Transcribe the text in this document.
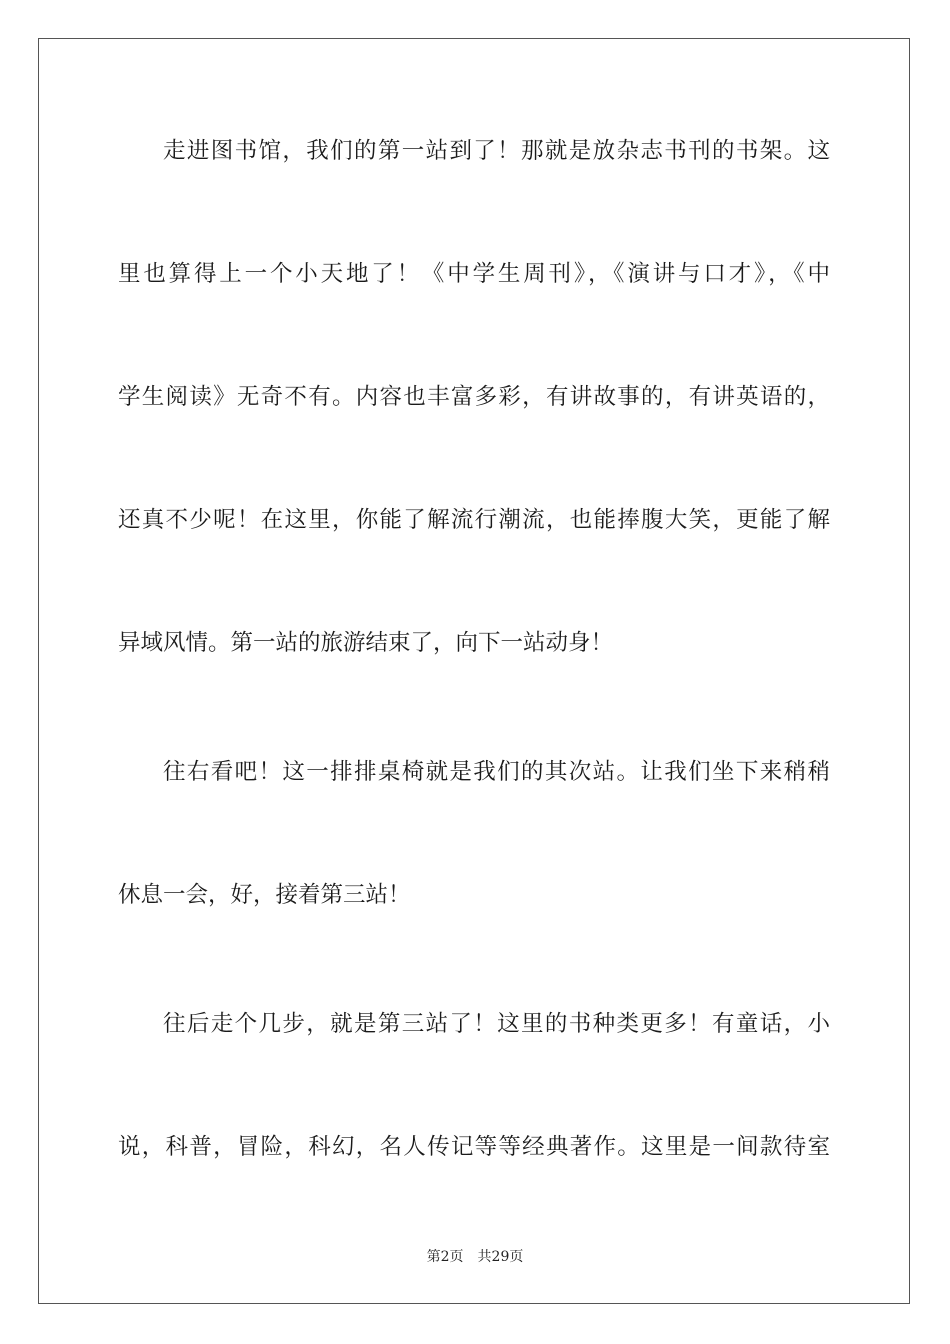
走进图书馆，我们的第一站到了！那就是放杂志书刊的书架。这
里也算得上一个小天地了！《中学生周刊》，《演讲与口才》，《中
学生阅读》无奇不有。内容也丰富多彩，有讲故事的，有讲英语的，
还真不少呢！在这里，你能了解流行潮流，也能捧腹大笑，更能了解
异域风情。第一站的旅游结束了，向下一站动身！
往右看吧！这一排排桌椅就是我们的其次站。让我们坐下来稍稍
休息一会，好，接着第三站！
往后走个几步，就是第三站了！这里的书种类更多！有童话，小
说，科普，冒险，科幻，名人传记等等经典著作。这里是一间款待室
第2页 共29页
